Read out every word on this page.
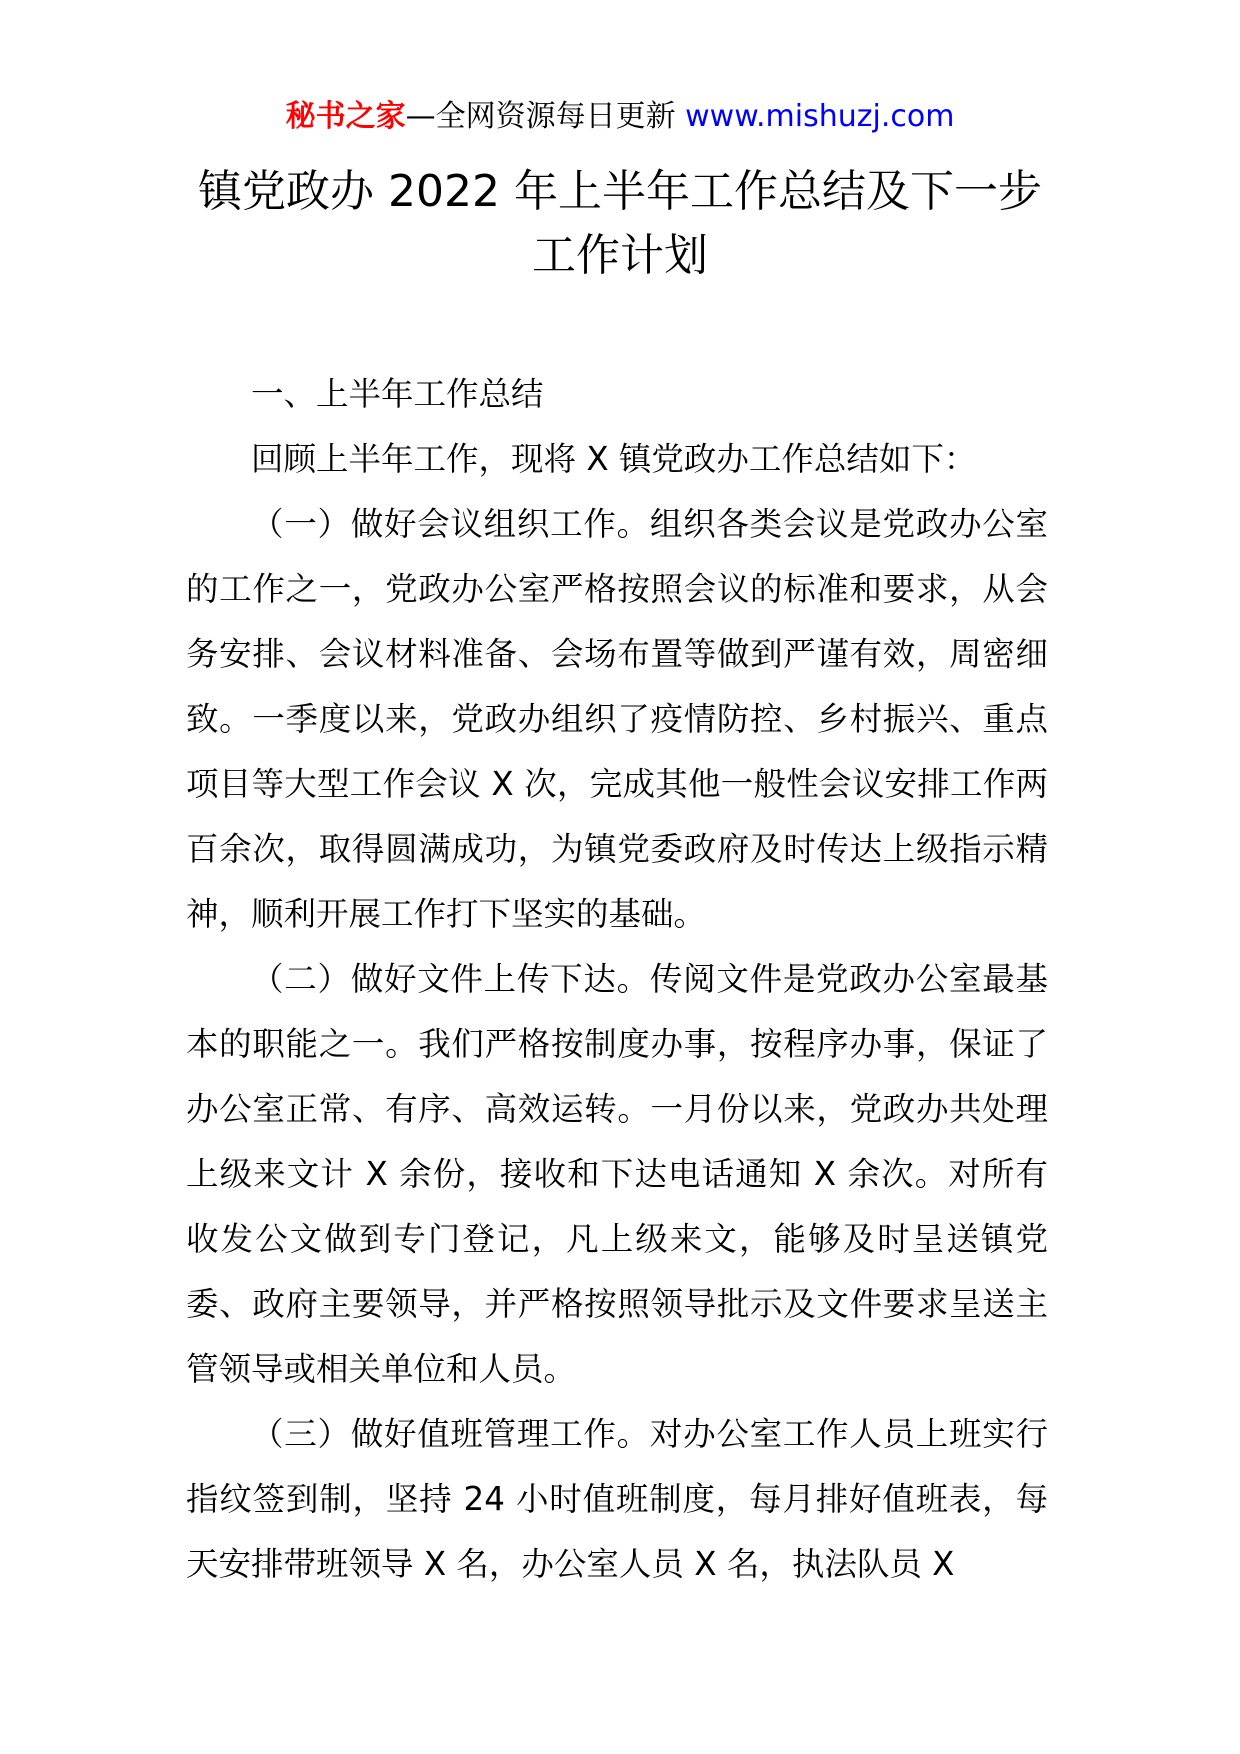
秘书之家—全网资源每日更新 www.mishuzj.com
镇党政办 2022 年上半年工作总结及下一步
工作计划

一、上半年工作总结

回顾上半年工作，现将 X 镇党政办工作总结如下：

（一）做好会议组织工作。组织各类会议是党政办公室的工作之一，党政办公室严格按照会议的标准和要求，从会务安排、会议材料准备、会场布置等做到严谨有效，周密细致。一季度以来，党政办组织了疫情防控、乡村振兴、重点项目等大型工作会议 X 次，完成其他一般性会议安排工作两百余次，取得圆满成功，为镇党委政府及时传达上级指示精神，顺利开展工作打下坚实的基础。

（二）做好文件上传下达。传阅文件是党政办公室最基本的职能之一。我们严格按制度办事，按程序办事，保证了办公室正常、有序、高效运转。一月份以来，党政办共处理上级来文计 X 余份，接收和下达电话通知 X 余次。对所有收发公文做到专门登记，凡上级来文，能够及时呈送镇党委、政府主要领导，并严格按照领导批示及文件要求呈送主管领导或相关单位和人员。

（三）做好值班管理工作。对办公室工作人员上班实行指纹签到制，坚持 24 小时值班制度，每月排好值班表，每天安排带班领导 X 名，办公室人员 X 名，执法队员 X
